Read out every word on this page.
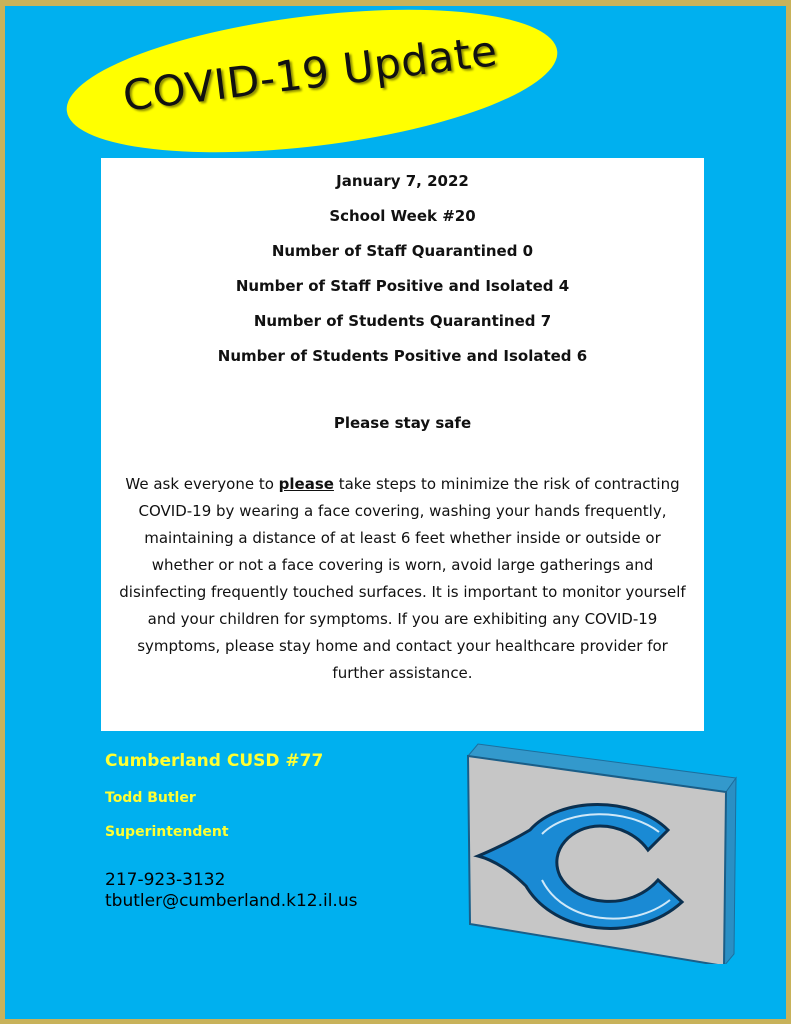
COVID-19 Update
January 7, 2022
School Week #20
Number of Staff Quarantined 0
Number of Staff Positive and Isolated 4
Number of Students Quarantined 7
Number of Students Positive and Isolated 6
Please stay safe
We ask everyone to please take steps to minimize the risk of contracting COVID-19 by wearing a face covering, washing your hands frequently, maintaining a distance of at least 6 feet whether inside or outside or whether or not a face covering is worn, avoid large gatherings and disinfecting frequently touched surfaces. It is important to monitor yourself and your children for symptoms. If you are exhibiting any COVID-19 symptoms, please stay home and contact your healthcare provider for further assistance.
Cumberland CUSD #77
Todd Butler
Superintendent
217-923-3132
tbutler@cumberland.k12.il.us
